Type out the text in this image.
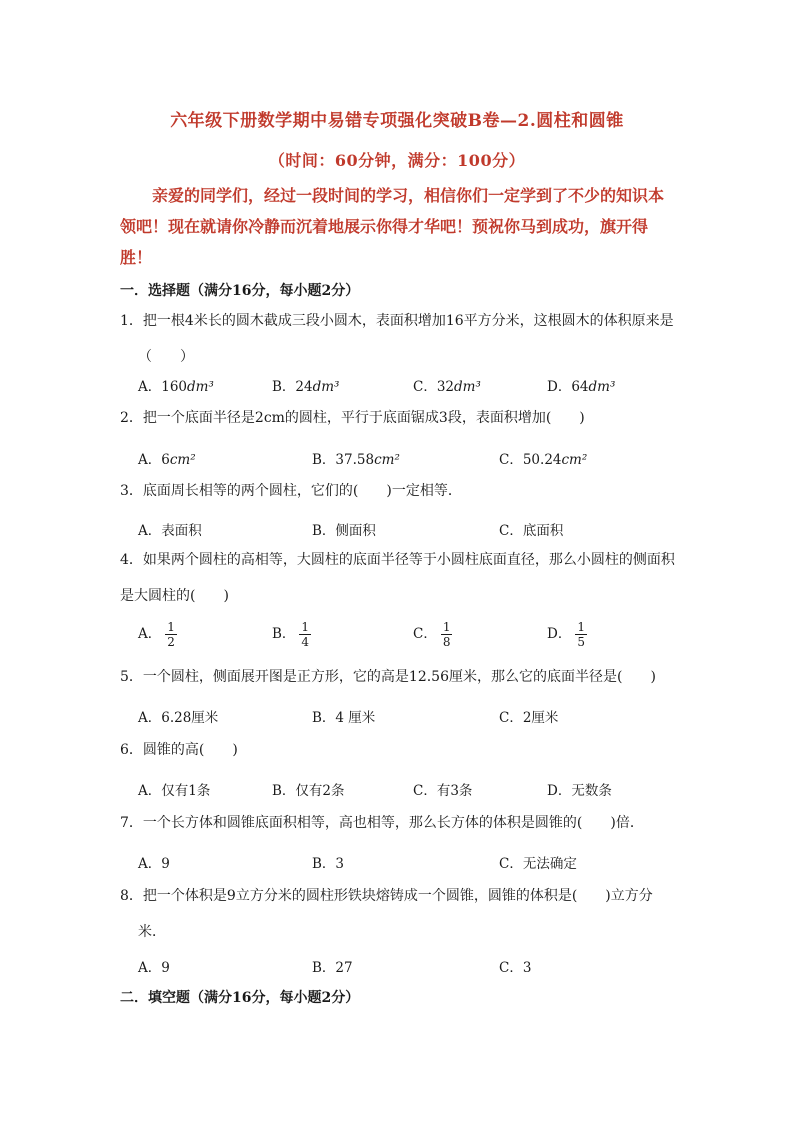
六年级下册数学期中易错专项强化突破B卷—2.圆柱和圆锥
（时间：60分钟，满分：100分）
亲爱的同学们，经过一段时间的学习，相信你们一定学到了不少的知识本
领吧！现在就请你冷静而沉着地展示你得才华吧！预祝你马到成功，旗开得
胜！
一．选择题（满分16分，每小题2分）
1．把一根4米长的圆木截成三段小圆木，表面积增加16平方分米，这根圆木的体积原来是
（　　）
A．160dm³	B．24dm³	C．32dm³	D．64dm³
2．把一个底面半径是2cm的圆柱，平行于底面锯成3段，表面积增加(　　)
A．6cm²	B．37.58cm²	C．50.24cm²
3．底面周长相等的两个圆柱，它们的(　　)一定相等．
A．表面积	B．侧面积	C．底面积
4．如果两个圆柱的高相等，大圆柱的底面半径等于小圆柱底面直径，那么小圆柱的侧面积
是大圆柱的(　　)
A． $\frac{1}{2}$	B． $\frac{1}{4}$	C． $\frac{1}{8}$	D． $\frac{1}{5}$
5．一个圆柱，侧面展开图是正方形，它的高是12.56厘米，那么它的底面半径是(　　)
A．6.28厘米	B．4 厘米	C．2厘米
6．圆锥的高(　　)
A．仅有1条	B．仅有2条	C．有3条	D．无数条
7．一个长方体和圆锥底面积相等，高也相等，那么长方体的体积是圆锥的(　　)倍．
A．9	B．3	C．无法确定
8．把一个体积是9立方分米的圆柱形铁块熔铸成一个圆锥，圆锥的体积是(　　)立方分
米．
A．9	B．27	C．3
二．填空题（满分16分，每小题2分）
